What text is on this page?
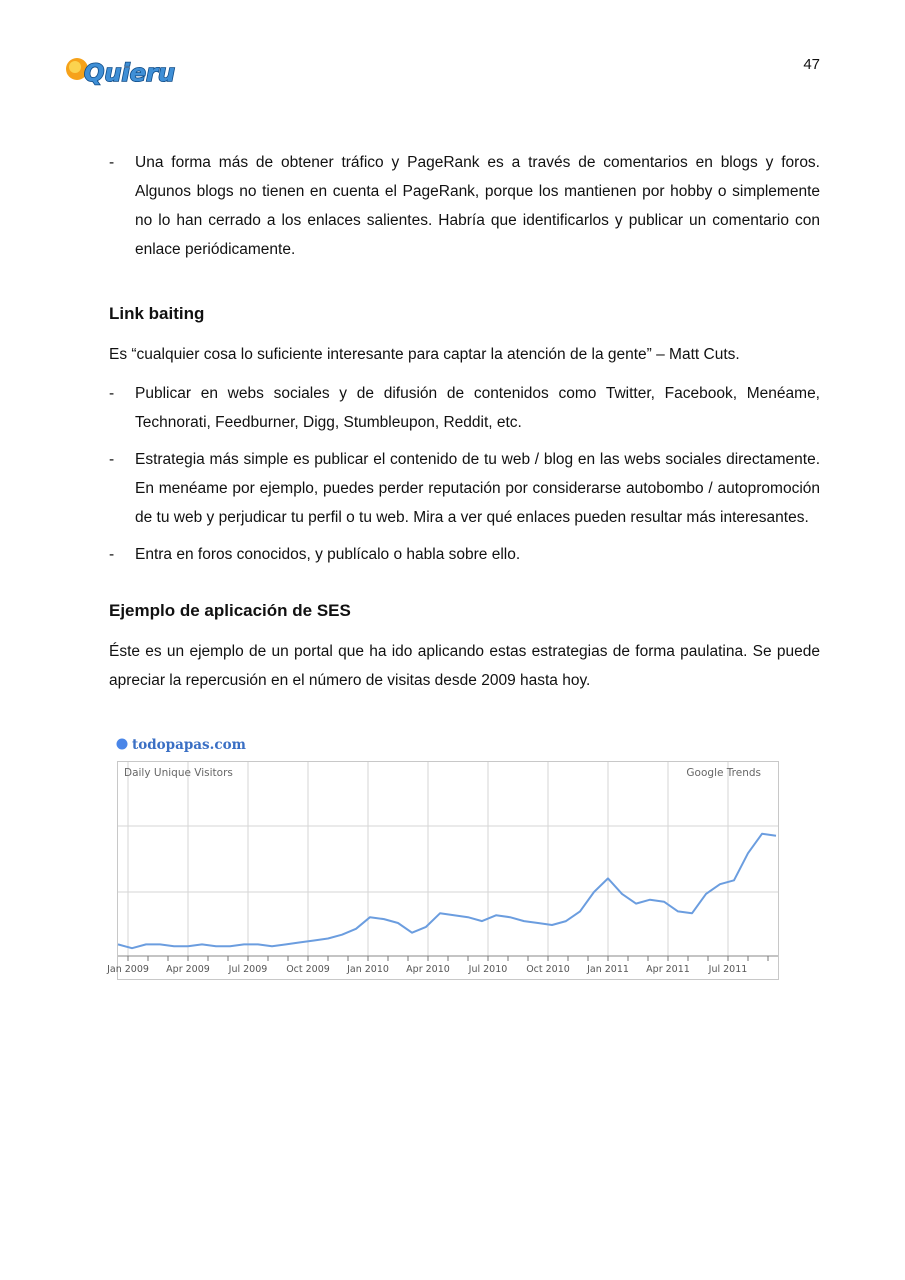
Quieru	47
-	Una forma más de obtener tráfico y PageRank es a través de comentarios en blogs y foros. Algunos blogs no tienen en cuenta el PageRank, porque los mantienen por hobby o simplemente no lo han cerrado a los enlaces salientes. Habría que identificarlos y publicar un comentario con enlace periódicamente.
Link baiting

Es “cualquier cosa lo suficiente interesante para captar la atención de la gente” – Matt Cuts.

-	Publicar en webs sociales y de difusión de contenidos como Twitter, Facebook, Menéame, Technorati, Feedburner, Digg, Stumbleupon, Reddit, etc.
-	Estrategia más simple es publicar el contenido de tu web / blog en las webs sociales directamente. En menéame por ejemplo, puedes perder reputación por considerarse autobombo / autopromoción de tu web y perjudicar tu perfil o tu web. Mira a ver qué enlaces pueden resultar más interesantes.
-	Entra en foros conocidos, y publícalo o habla sobre ello.
Ejemplo de aplicación de SES

Éste es un ejemplo de un portal que ha ido aplicando estas estrategias de forma paulatina. Se puede apreciar la repercusión en el número de visitas desde 2009 hasta hoy.

todopapas.com
Jan 2009 Apr 2009 Jul 2009 Oct 2009 Jan 2010 Apr 2010 Jul 2010 Oct 2010 Jan 2011 Apr 2011 Jul 2011
Daily Unique Visitors	Google Trends
